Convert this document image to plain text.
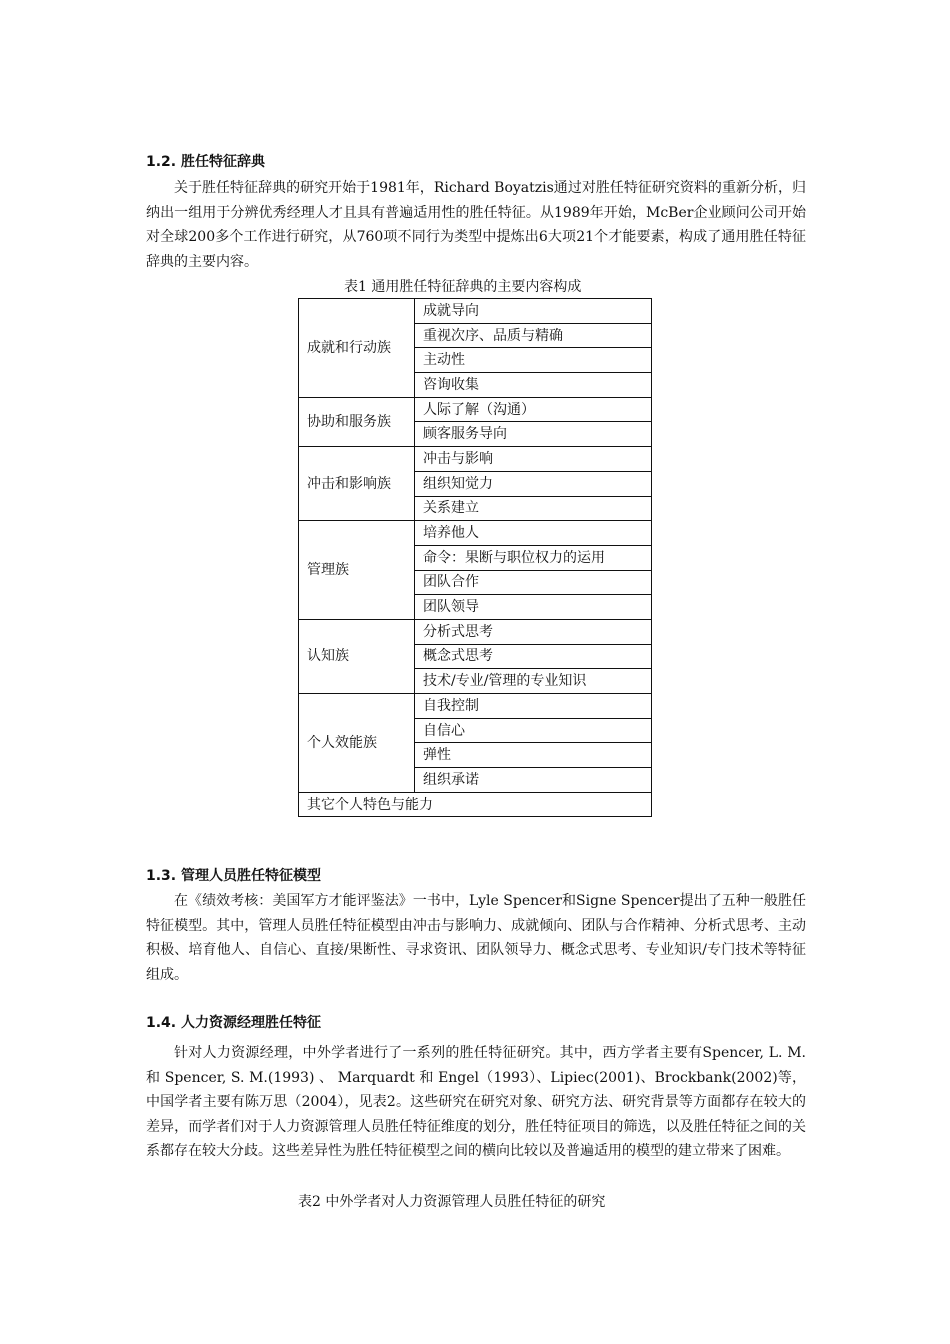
1.2. 胜任特征辞典

关于胜任特征辞典的研究开始于1981年，Richard Boyatzis通过对胜任特征研究资料的重新分析，归纳出一组用于分辨优秀经理人才且具有普遍适用性的胜任特征。从1989年开始，McBer企业顾问公司开始对全球200多个工作进行研究，从760项不同行为类型中提炼出6大项21个才能要素，构成了通用胜任特征辞典的主要内容。

表1 通用胜任特征辞典的主要内容构成
成就和行动族	成就导向
	重视次序、品质与精确
	主动性
	咨询收集
协助和服务族	人际了解（沟通）
	顾客服务导向
冲击和影响族	冲击与影响
	组织知觉力
	关系建立
管理族	培养他人
	命令：果断与职位权力的运用
	团队合作
	团队领导
认知族	分析式思考
	概念式思考
	技术/专业/管理的专业知识
个人效能族	自我控制
	自信心
	弹性
	组织承诺
其它个人特色与能力	
1.3. 管理人员胜任特征模型

在《绩效考核：美国军方才能评鉴法》一书中，Lyle Spencer和Signe Spencer提出了五种一般胜任特征模型。其中，管理人员胜任特征模型由冲击与影响力、成就倾向、团队与合作精神、分析式思考、主动积极、培育他人、自信心、直接/果断性、寻求资讯、团队领导力、概念式思考、专业知识/专门技术等特征组成。

1.4. 人力资源经理胜任特征

针对人力资源经理，中外学者进行了一系列的胜任特征研究。其中，西方学者主要有Spencer, L. M. 和 Spencer, S. M.(1993) 、 Marquardt 和 Engel（1993）、Lipiec(2001)、Brockbank(2002)等，中国学者主要有陈万思（2004），见表2。这些研究在研究对象、研究方法、研究背景等方面都存在较大的差异，而学者们对于人力资源管理人员胜任特征维度的划分，胜任特征项目的筛选，以及胜任特征之间的关系都存在较大分歧。这些差异性为胜任特征模型之间的横向比较以及普遍适用的模型的建立带来了困难。

表2 中外学者对人力资源管理人员胜任特征的研究
